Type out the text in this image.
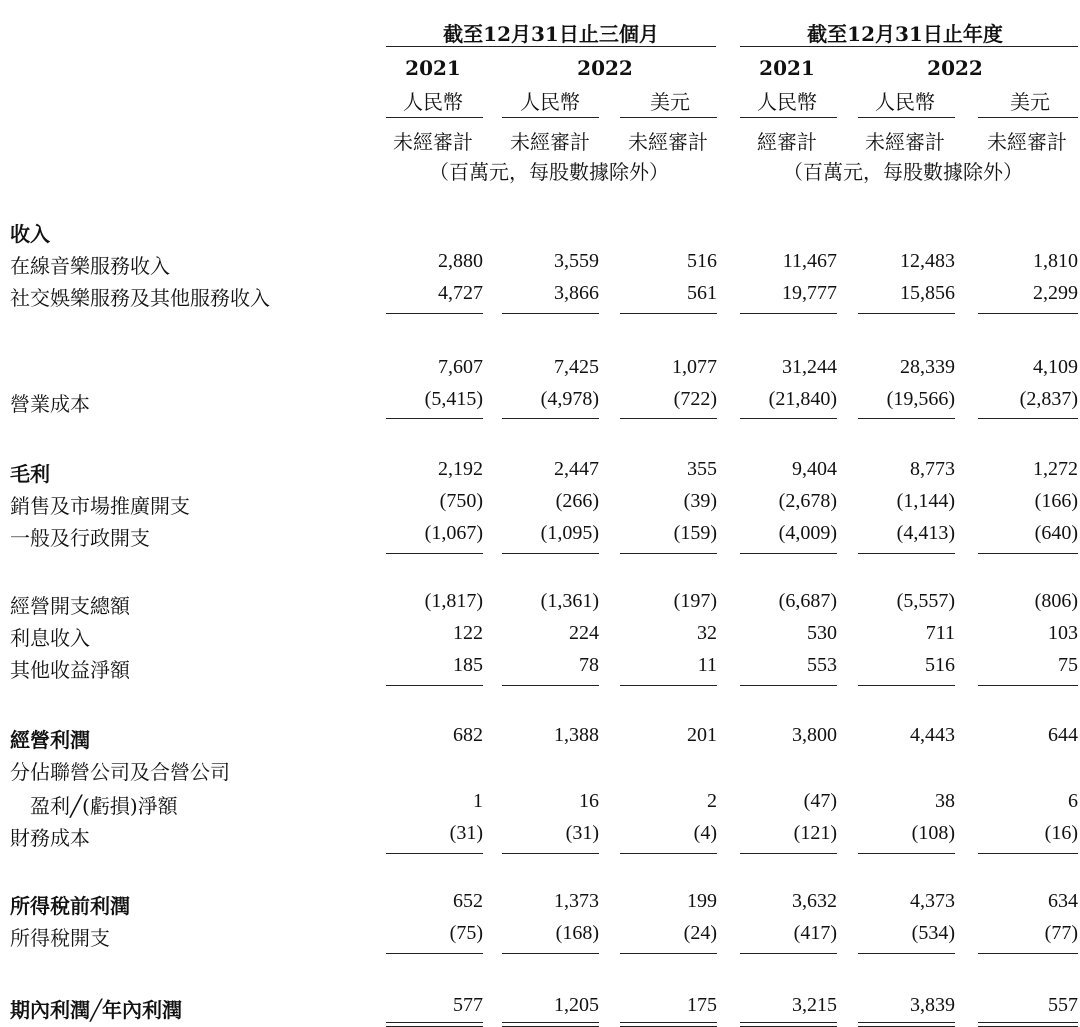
截至12月31日止三個月	截至12月31日止年度
2021	2022	2021	2022
人民幣	人民幣	美元	人民幣	人民幣	美元
未經審計 未經審計 未經審計 經審計 未經審計 未經審計
（百萬元，每股數據除外）	（百萬元，每股數據除外）
收入
在線音樂服務收入	2,880	3,559	516	11,467	12,483	1,810
社交娛樂服務及其他服務收入	4,727	3,866	561	19,777	15,856	2,299
7,607	7,425	1,077	31,244	28,339	4,109
營業成本	(5,415)	(4,978)	(722)	(21,840) (19,566)	(2,837)
毛利	2,192	2,447	355	9,404	8,773	1,272
銷售及市場推廣開支	(750)	(266)	(39)	(2,678)	(1,144)	(166)
一般及行政開支	(1,067)	(1,095)	(159)	(4,009)	(4,413)	(640)
經營開支總額	(1,817)	(1,361)	(197)	(6,687)	(5,557)	(806)
利息收入	122	224	32	530	711	103
其他收益淨額	185	78	11	553	516	75
經營利潤	682	1,388	201	3,800	4,443	644
分佔聯營公司及合營公司
　盈利╱(虧損)淨額	1	16	2	(47)	38	6
財務成本	(31)	(31)	(4)	(121)	(108)	(16)
所得稅前利潤	652	1,373	199	3,632	4,373	634
所得稅開支	(75)	(168)	(24)	(417)	(534)	(77)
期內利潤╱年內利潤	577	1,205	175	3,215	3,839	557
